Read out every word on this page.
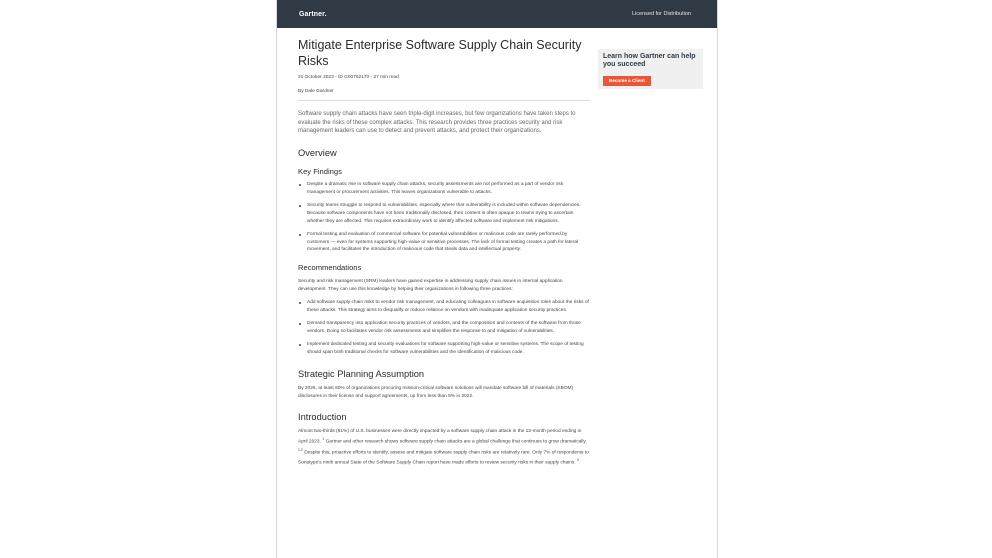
Gartner.	Licensed for Distribution
Mitigate Enterprise Software Supply Chain Security Risks
31 October 2023 - ID G00762170 - 27 min read
By Dale Gardner
Software supply chain attacks have seen triple-digit increases, but few organizations have taken steps to evaluate the risks of these complex attacks. This research provides three practices security and risk management leaders can use to detect and prevent attacks, and protect their organizations.
Overview
Key Findings
Despite a dramatic rise in software supply chain attacks, security assessments are not performed as a part of vendor risk management or procurement activities. This leaves organizations vulnerable to attacks.
Security teams struggle to respond to vulnerabilities, especially where that vulnerability is included within software dependencies. Because software components have not been traditionally disclosed, their content is often opaque to teams trying to ascertain whether they are affected. This requires extraordinary work to identify affected software and implement risk mitigations.
Formal testing and evaluation of commercial software for potential vulnerabilities or malicious code are rarely performed by customers — even for systems supporting high-value or sensitive processes. The lack of formal testing creates a path for lateral movement, and facilitates the introduction of malicious code that steals data and intellectual property.
Recommendations

Security and risk management (SRM) leaders have gained expertise in addressing supply chain issues in internal application development. They can use this knowledge by helping their organizations in following three practices:

Add software supply chain risks to vendor risk management, and educating colleagues in software acquisition roles about the risks of these attacks. This strategy aims to disqualify or reduce reliance on vendors with inadequate application security practices.
Demand transparency into application security practices of vendors, and the composition and contents of the software from those vendors. Doing so facilitates vendor risk assessments and simplifies the response to and mitigation of vulnerabilities.
Implement dedicated testing and security evaluations for software supporting high-value or sensitive systems. The scope of testing should span both traditional checks for software vulnerabilities and the identification of malicious code.
Strategic Planning Assumption

By 2026, at least 60% of organizations procuring mission-critical software solutions will mandate software bill of materials (SBOM) disclosures in their license and support agreements, up from less than 5% in 2022.

Introduction

Almost two-thirds (61%) of U.S. businesses were directly impacted by a software supply chain attack in the 12-month period ending in April 2023. $^1$ Gartner and other research shows software supply chain attacks are a global challenge that continues to grow dramatically. $^{1,2}$ Despite this, proactive efforts to identify, assess and mitigate software supply chain risks are relatively rare. Only 7% of respondents to Sonatype's ninth annual State of the Software Supply Chain report have made efforts to review security risks in their supply chains. $^3$

Learn how Gartner can help you succeed
Become a Client
